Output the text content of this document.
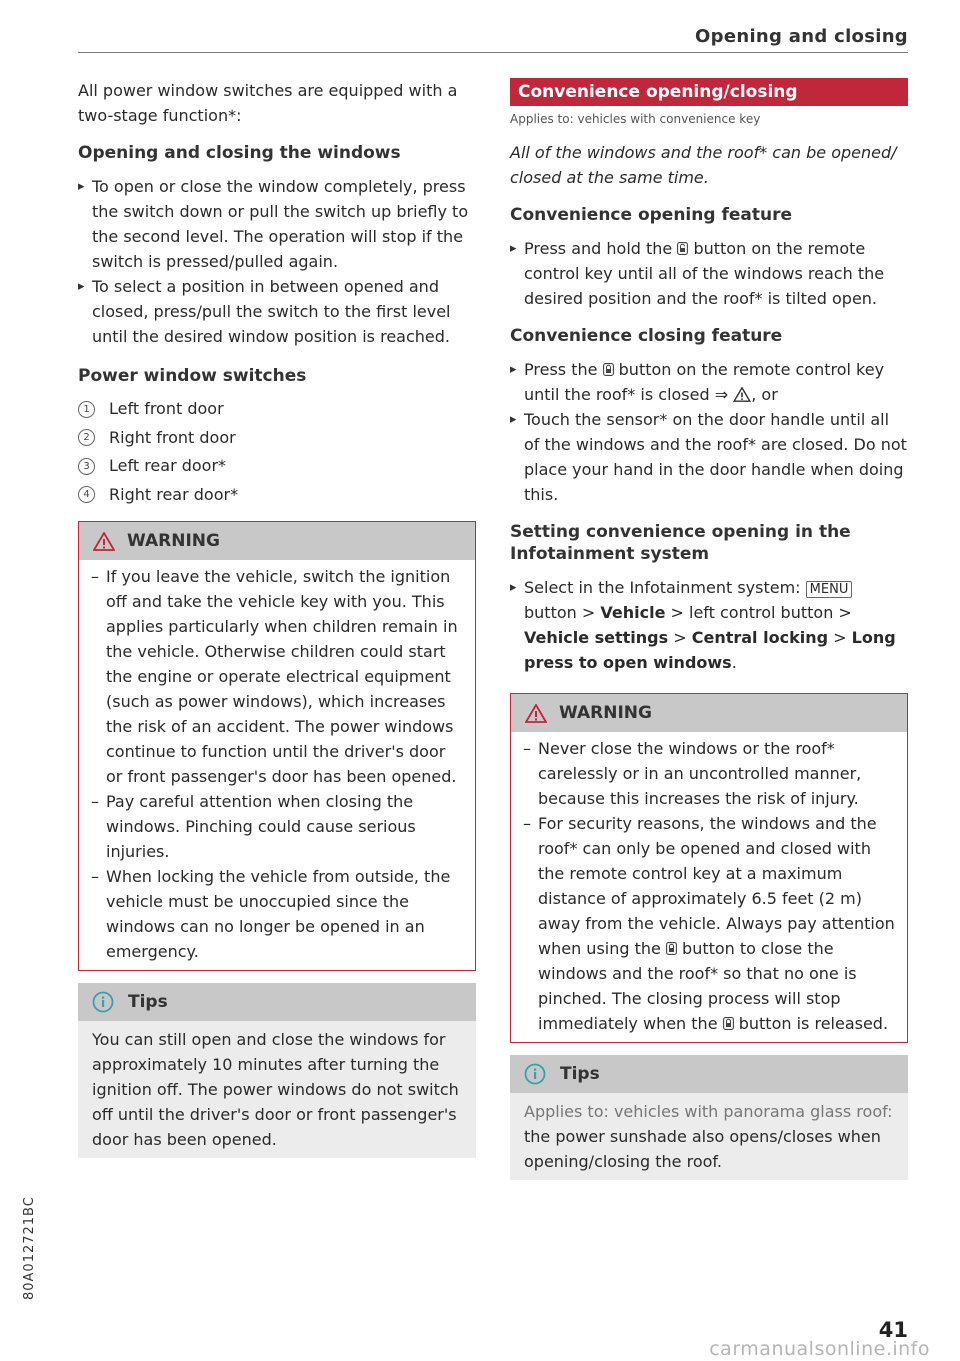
Opening and closing

All power window switches are equipped with a two-stage function*:

Opening and closing the windows

▸ To open or close the window completely, press the switch down or pull the switch up briefly to the second level. The operation will stop if the switch is pressed/pulled again.

▸ To select a position in between opened and closed, press/pull the switch to the first level until the desired window position is reached.

Power window switches
1	Left front door
2	Right front door
3	Left rear door*
4	Right rear door*
WARNING

– If you leave the vehicle, switch the ignition off and take the vehicle key with you. This applies particularly when children remain in the vehicle. Otherwise children could start the engine or operate electrical equipment (such as power windows), which increases the risk of an accident. The power windows continue to function until the driver's door or front passenger's door has been opened.

– Pay careful attention when closing the windows. Pinching could cause serious injuries.

– When locking the vehicle from outside, the vehicle must be unoccupied since the windows can no longer be opened in an emergency.

Tips

You can still open and close the windows for approximately 10 minutes after turning the ignition off. The power windows do not switch off until the driver's door or front passenger's door has been opened.

Convenience opening/closing

Applies to: vehicles with convenience key

All of the windows and the roof* can be opened/ closed at the same time.

Convenience opening feature

▸ Press and hold the button on the remote control key until all of the windows reach the desired position and the roof* is tilted open.

Convenience closing feature

▸ Press the button on the remote control key until the roof* is closed ⇒ , or

▸ Touch the sensor* on the door handle until all of the windows and the roof* are closed. Do not place your hand in the door handle when doing this.

Setting convenience opening in the Infotainment system

▸ Select in the Infotainment system: MENU button > Vehicle > left control button > Vehicle settings > Central locking > Long press to open windows.

WARNING

– Never close the windows or the roof* carelessly or in an uncontrolled manner, because this increases the risk of injury.

– For security reasons, the windows and the roof* can only be opened and closed with the remote control key at a maximum distance of approximately 6.5 feet (2 m) away from the vehicle. Always pay attention when using the button to close the windows and the roof* so that no one is pinched. The closing process will stop immediately when the button is released.

Tips

Applies to: vehicles with panorama glass roof:

the power sunshade also opens/closes when opening/closing the roof.

80A012721BC
41
carmanualsonline.info
